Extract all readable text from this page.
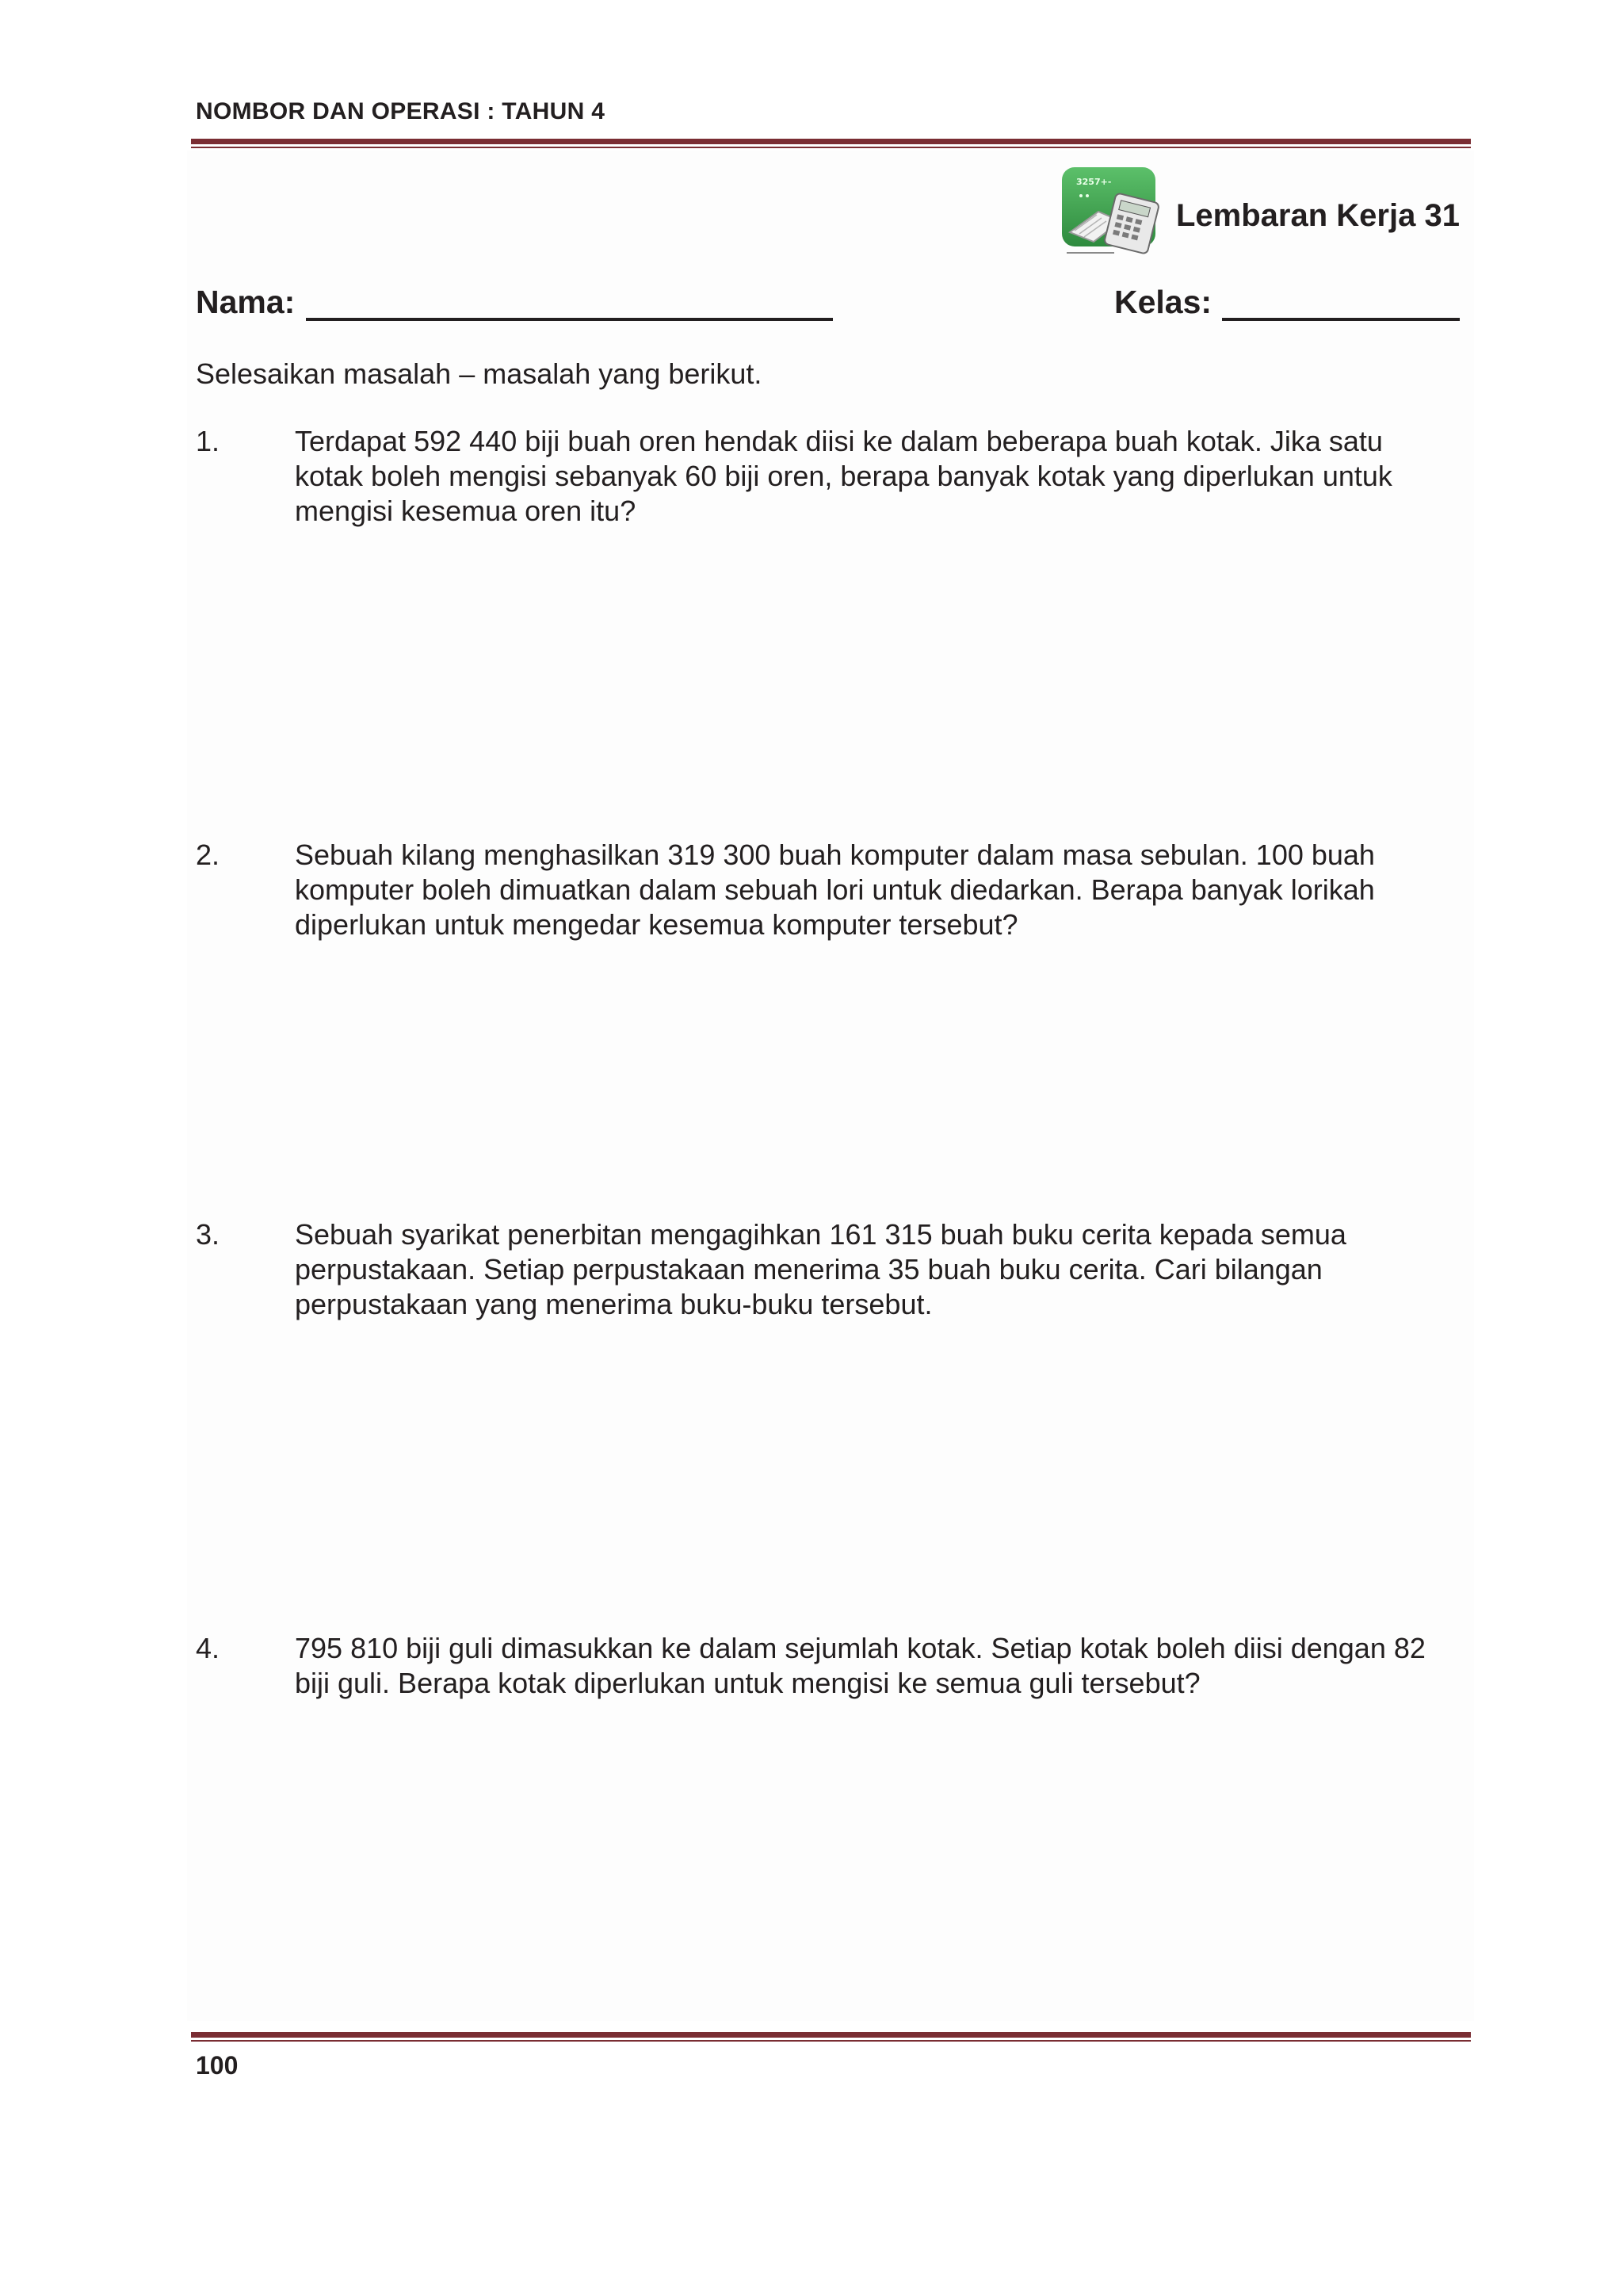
NOMBOR DAN OPERASI : TAHUN 4
3257+-
Lembaran Kerja 31
Nama:	Kelas:
Selesaikan masalah – masalah yang berikut.
1.	Terdapat 592 440 biji buah oren hendak diisi ke dalam beberapa buah kotak. Jika satu kotak boleh mengisi sebanyak 60 biji oren, berapa banyak kotak yang diperlukan untuk mengisi kesemua oren itu?
2.	Sebuah kilang menghasilkan 319 300 buah komputer dalam masa sebulan. 100 buah komputer boleh dimuatkan dalam sebuah lori untuk diedarkan. Berapa banyak lorikah diperlukan untuk mengedar kesemua komputer tersebut?
3.	Sebuah syarikat penerbitan mengagihkan 161 315 buah buku cerita kepada semua perpustakaan. Setiap perpustakaan menerima 35 buah buku cerita. Cari bilangan perpustakaan yang menerima buku-buku tersebut.
4.	795 810 biji guli dimasukkan ke dalam sejumlah kotak. Setiap kotak boleh diisi dengan 82 biji guli. Berapa kotak diperlukan untuk mengisi ke semua guli tersebut?
100
